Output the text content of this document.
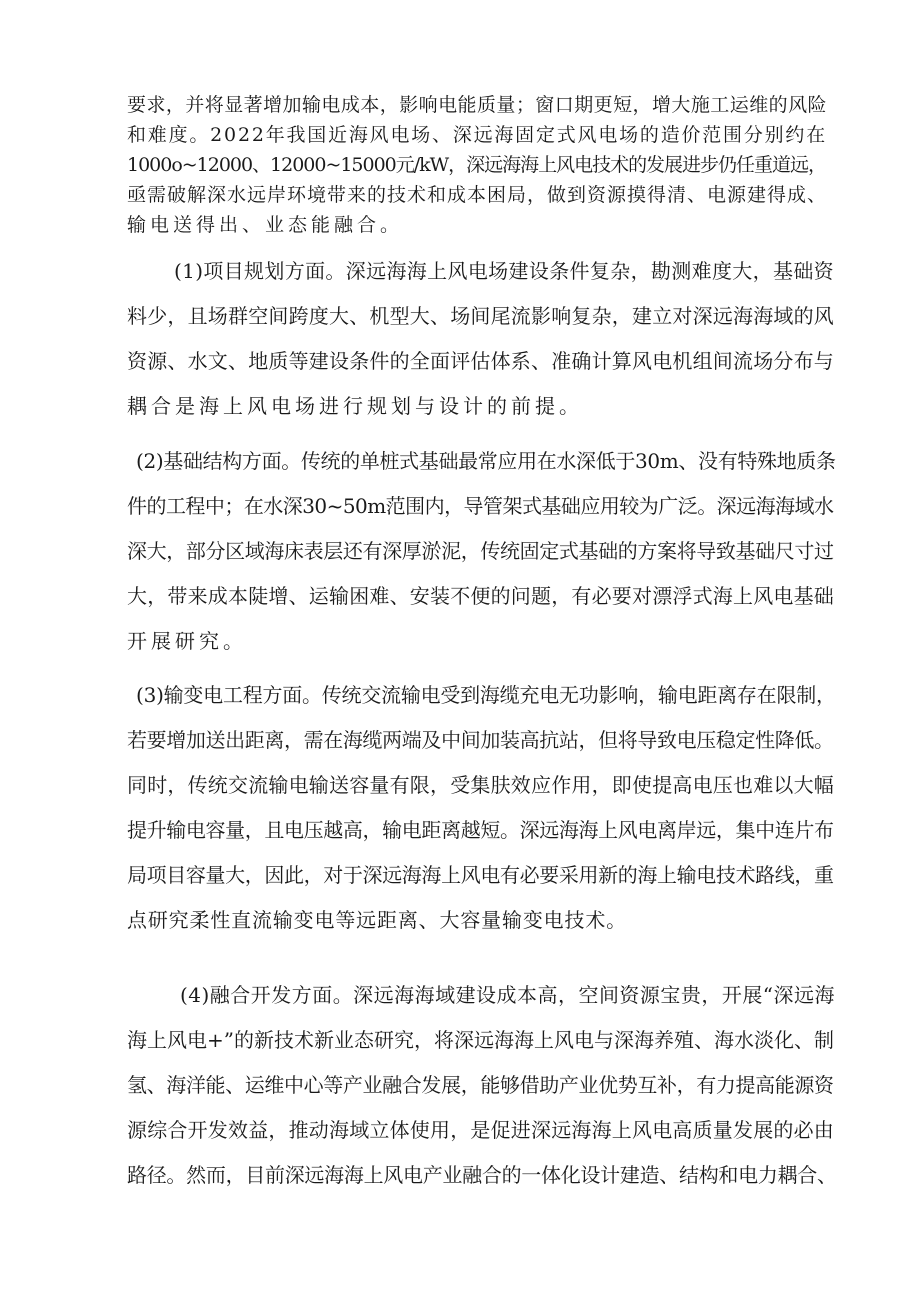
要求，并将显著增加输电成本，影响电能质量；窗口期更短，增大施工运维的风险
和难度。2022年我国近海风电场、深远海固定式风电场的造价范围分别约在
1000o~12000、12000~15000元/kW，深远海海上风电技术的发展进步仍任重道远，
亟需破解深水远岸环境带来的技术和成本困局，做到资源摸得清、电源建得成、
输电送得出、业态能融合。
(1)项目规划方面。深远海海上风电场建设条件复杂，勘测难度大，基础资
料少，且场群空间跨度大、机型大、场间尾流影响复杂，建立对深远海海域的风
资源、水文、地质等建设条件的全面评估体系、准确计算风电机组间流场分布与
耦合是海上风电场进行规划与设计的前提。
(2)基础结构方面。传统的单桩式基础最常应用在水深低于30m、没有特殊地质条
件的工程中；在水深30~50m范围内，导管架式基础应用较为广泛。深远海海域水
深大，部分区域海床表层还有深厚淤泥，传统固定式基础的方案将导致基础尺寸过
大，带来成本陡增、运输困难、安装不便的问题，有必要对漂浮式海上风电基础
开展研究。
(3)输变电工程方面。传统交流输电受到海缆充电无功影响，输电距离存在限制，
若要增加送出距离，需在海缆两端及中间加装高抗站，但将导致电压稳定性降低。
同时，传统交流输电输送容量有限，受集肤效应作用，即使提高电压也难以大幅
提升输电容量，且电压越高，输电距离越短。深远海海上风电离岸远，集中连片布
局项目容量大，因此，对于深远海海上风电有必要采用新的海上输电技术路线，重
点研究柔性直流输变电等远距离、大容量输变电技术。
(4)融合开发方面。深远海海域建设成本高，空间资源宝贵，开展“深远海
海上风电+”的新技术新业态研究，将深远海海上风电与深海养殖、海水淡化、制
氢、海洋能、运维中心等产业融合发展，能够借助产业优势互补，有力提高能源资
源综合开发效益，推动海域立体使用，是促进深远海海上风电高质量发展的必由
路径。然而，目前深远海海上风电产业融合的一体化设计建造、结构和电力耦合、
